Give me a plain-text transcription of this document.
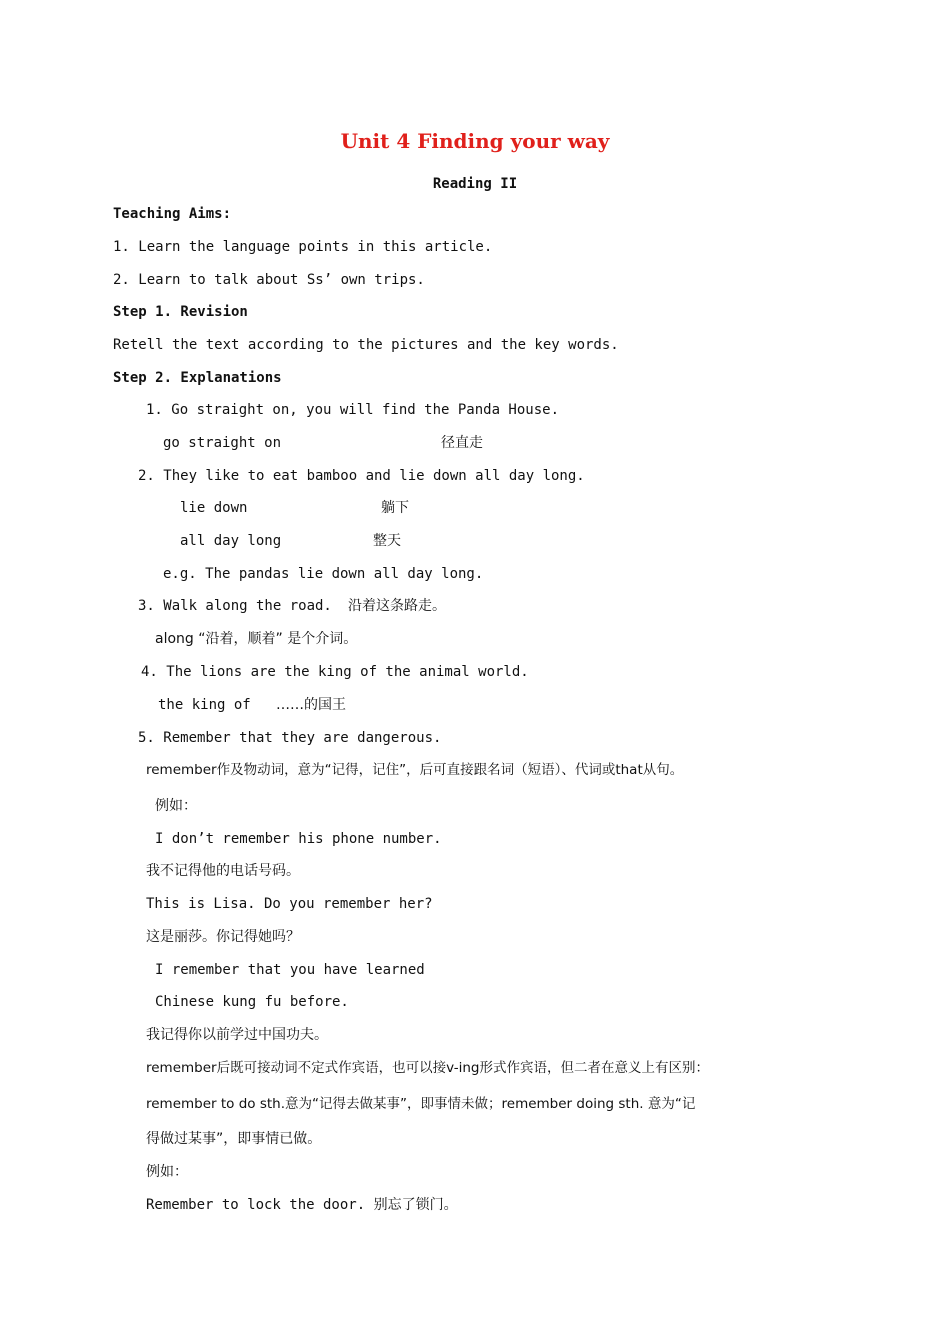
Unit 4 Finding your way
Reading II
Teaching Aims:
1. Learn the language points in this article.
2. Learn to talk about Ss’ own trips.
Step 1. Revision
Retell the text according to the pictures and the key words.
Step 2. Explanations
1. Go straight on, you will find the Panda House.
go straight on	径直走
2. They like to eat bamboo and lie down all day long.
lie down	躺下
all day long	整天
e.g. The pandas lie down all day long.
3. Walk along the road. 沿着这条路走。
along “沿着，顺着” 是个介词。
4. The lions are the king of the animal world.
the king of ……的国王
5. Remember that they are dangerous.
remember作及物动词，意为“记得，记住”，后可直接跟名词（短语）、代词或that从句。
例如：
I don’t remember his phone number.
我不记得他的电话号码。
This is Lisa. Do you remember her?
这是丽莎。你记得她吗？
I remember that you have learned
Chinese kung fu before.
我记得你以前学过中国功夫。
remember后既可接动词不定式作宾语，也可以接v-ing形式作宾语，但二者在意义上有区别：
remember to do sth.意为“记得去做某事”，即事情未做；remember doing sth. 意为“记
得做过某事”，即事情已做。
例如：
Remember to lock the door. 别忘了锁门。
